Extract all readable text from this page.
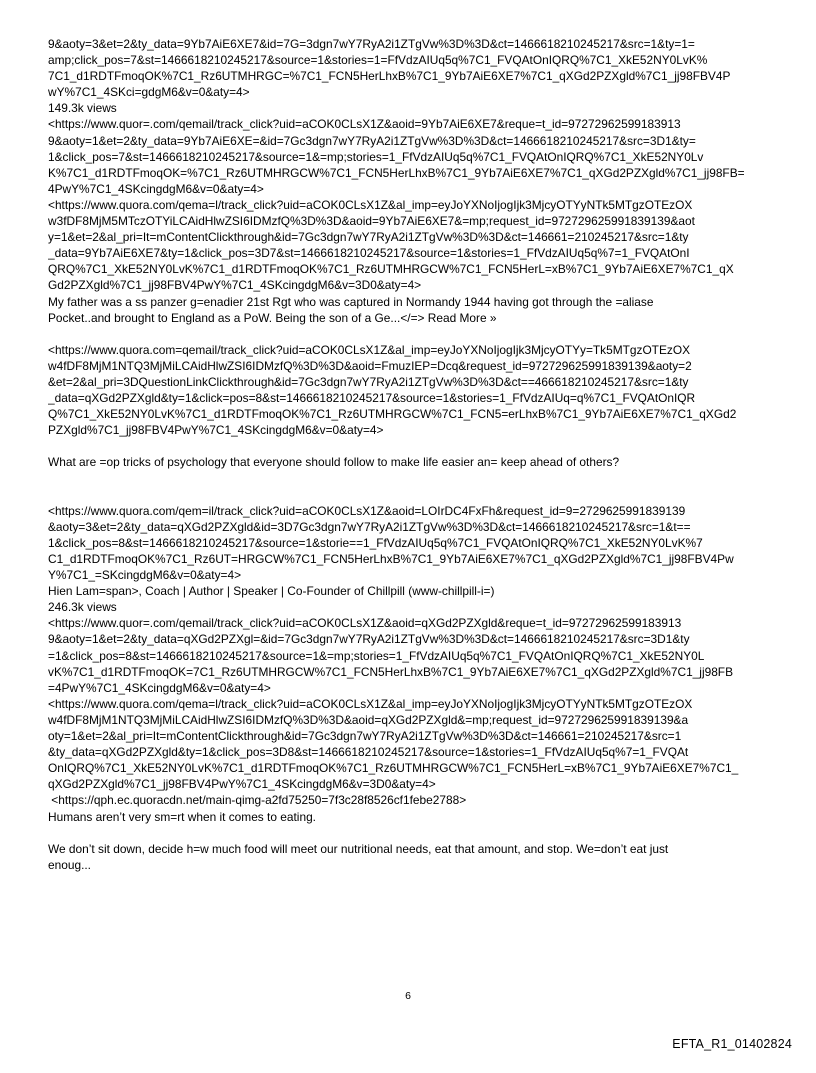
9&aoty=3&et=2&ty_data=9Yb7AiE6XE7&id=7G=3dgn7wY7RyA2i1ZTgVw%3D%3D&ct=1466618210245217&src=1&ty=1=
amp;click_pos=7&st=1466618210245217&source=1&stories=1=FfVdzAIUq5q%7C1_FVQAtOnIQRQ%7C1_XkE52NY0LvK%
7C1_d1RDTFmoqOK%7C1_Rz6UTMHRGC=%7C1_FCN5HerLhxB%7C1_9Yb7AiE6XE7%7C1_qXGd2PZXgld%7C1_jj98FBV4P
wY%7C1_4SKci=gdgM6&v=0&aty=4>
149.3k views
<https://www.quor=.com/qemail/track_click?uid=aCOK0CLsX1Z&aoid=9Yb7AiE6XE7&reque=t_id=97272962599183913
9&aoty=1&et=2&ty_data=9Yb7AiE6XE=&id=7Gc3dgn7wY7RyA2i1ZTgVw%3D%3D&ct=1466618210245217&src=3D1&ty=
1&click_pos=7&st=1466618210245217&source=1&=mp;stories=1_FfVdzAIUq5q%7C1_FVQAtOnIQRQ%7C1_XkE52NY0Lv
K%7C1_d1RDTFmoqOK=%7C1_Rz6UTMHRGCW%7C1_FCN5HerLhxB%7C1_9Yb7AiE6XE7%7C1_qXGd2PZXgld%7C1_jj98FB=
4PwY%7C1_4SKcingdgM6&v=0&aty=4>
<https://www.quora.com/qema=l/track_click?uid=aCOK0CLsX1Z&al_imp=eyJoYXNoIjogIjk3MjcyOTYyNTk5MTgzOTEzOX
w3fDF8MjM5MTczOTYiLCAidHlwZSI6IDMzfQ%3D%3D&aoid=9Yb7AiE6XE7&=mp;request_id=972729625991839139&aot
y=1&et=2&al_pri=It=mContentClickthrough&id=7Gc3dgn7wY7RyA2i1ZTgVw%3D%3D&ct=146661=210245217&src=1&ty
_data=9Yb7AiE6XE7&ty=1&click_pos=3D7&st=1466618210245217&source=1&stories=1_FfVdzAIUq5q%7=1_FVQAtOnI
QRQ%7C1_XkE52NY0LvK%7C1_d1RDTFmoqOK%7C1_Rz6UTMHRGCW%7C1_FCN5HerL=xB%7C1_9Yb7AiE6XE7%7C1_qX
Gd2PZXgld%7C1_jj98FBV4PwY%7C1_4SKcingdgM6&v=3D0&aty=4>
My father was a ss panzer g=enadier 21st Rgt who was captured in Normandy 1944 having got through the =aliase
Pocket..and brought to England as a PoW. Being the son of a Ge...</=> Read More »
<https://www.quora.com=qemail/track_click?uid=aCOK0CLsX1Z&al_imp=eyJoYXNoIjogIjk3MjcyOTYy=Tk5MTgzOTEzOX
w4fDF8MjM1NTQ3MjMiLCAidHlwZSI6IDMzfQ%3D%3D&aoid=FmuzIEP=Dcq&request_id=972729625991839139&aoty=2
&et=2&al_pri=3DQuestionLinkClickthrough&id=7Gc3dgn7wY7RyA2i1ZTgVw%3D%3D&ct==466618210245217&src=1&ty
_data=qXGd2PZXgld&ty=1&click=pos=8&st=1466618210245217&source=1&stories=1_FfVdzAIUq=q%7C1_FVQAtOnIQR
Q%7C1_XkE52NY0LvK%7C1_d1RDTFmoqOK%7C1_Rz6UTMHRGCW%7C1_FCN5=erLhxB%7C1_9Yb7AiE6XE7%7C1_qXGd2
PZXgld%7C1_jj98FBV4PwY%7C1_4SKcingdgM6&v=0&aty=4>
What are =op tricks of psychology that everyone should follow to make life easier an= keep ahead of others?
<https://www.quora.com/qem=il/track_click?uid=aCOK0CLsX1Z&aoid=LOIrDC4FxFh&request_id=9=2729625991839139
&aoty=3&et=2&ty_data=qXGd2PZXgld&id=3D7Gc3dgn7wY7RyA2i1ZTgVw%3D%3D&ct=1466618210245217&src=1&t==
1&click_pos=8&st=1466618210245217&source=1&storie==1_FfVdzAIUq5q%7C1_FVQAtOnIQRQ%7C1_XkE52NY0LvK%7
C1_d1RDTFmoqOK%7C1_Rz6UT=HRGCW%7C1_FCN5HerLhxB%7C1_9Yb7AiE6XE7%7C1_qXGd2PZXgld%7C1_jj98FBV4Pw
Y%7C1_=SKcingdgM6&v=0&aty=4>
Hien Lam=span>, Coach | Author | Speaker | Co-Founder of Chillpill (www-chillpill-i=)
246.3k views
<https://www.quor=.com/qemail/track_click?uid=aCOK0CLsX1Z&aoid=qXGd2PZXgld&reque=t_id=97272962599183913
9&aoty=1&et=2&ty_data=qXGd2PZXgl=&id=7Gc3dgn7wY7RyA2i1ZTgVw%3D%3D&ct=1466618210245217&src=3D1&ty
=1&click_pos=8&st=1466618210245217&source=1&=mp;stories=1_FfVdzAIUq5q%7C1_FVQAtOnIQRQ%7C1_XkE52NY0L
vK%7C1_d1RDTFmoqOK=7C1_Rz6UTMHRGCW%7C1_FCN5HerLhxB%7C1_9Yb7AiE6XE7%7C1_qXGd2PZXgld%7C1_jj98FB
=4PwY%7C1_4SKcingdgM6&v=0&aty=4>
<https://www.quora.com/qema=l/track_click?uid=aCOK0CLsX1Z&al_imp=eyJoYXNoIjogIjk3MjcyOTYyNTk5MTgzOTEzOX
w4fDF8MjM1NTQ3MjMiLCAidHlwZSI6IDMzfQ%3D%3D&aoid=qXGd2PZXgld&=mp;request_id=972729625991839139&a
oty=1&et=2&al_pri=It=mContentClickthrough&id=7Gc3dgn7wY7RyA2i1ZTgVw%3D%3D&ct=146661=210245217&src=1
&ty_data=qXGd2PZXgld&ty=1&click_pos=3D8&st=1466618210245217&source=1&stories=1_FfVdzAIUq5q%7=1_FVQAt
OnIQRQ%7C1_XkE52NY0LvK%7C1_d1RDTFmoqOK%7C1_Rz6UTMHRGCW%7C1_FCN5HerL=xB%7C1_9Yb7AiE6XE7%7C1_
qXGd2PZXgld%7C1_jj98FBV4PwY%7C1_4SKcingdgM6&v=3D0&aty=4>
<https://qph.ec.quoracdn.net/main-qimg-a2fd75250=7f3c28f8526cf1febe2788>
Humans aren’t very sm=rt when it comes to eating.
We don’t sit down, decide h=w much food will meet our nutritional needs, eat that amount, and stop. We=don’t eat just
enoug...
6
EFTA_R1_01402824
